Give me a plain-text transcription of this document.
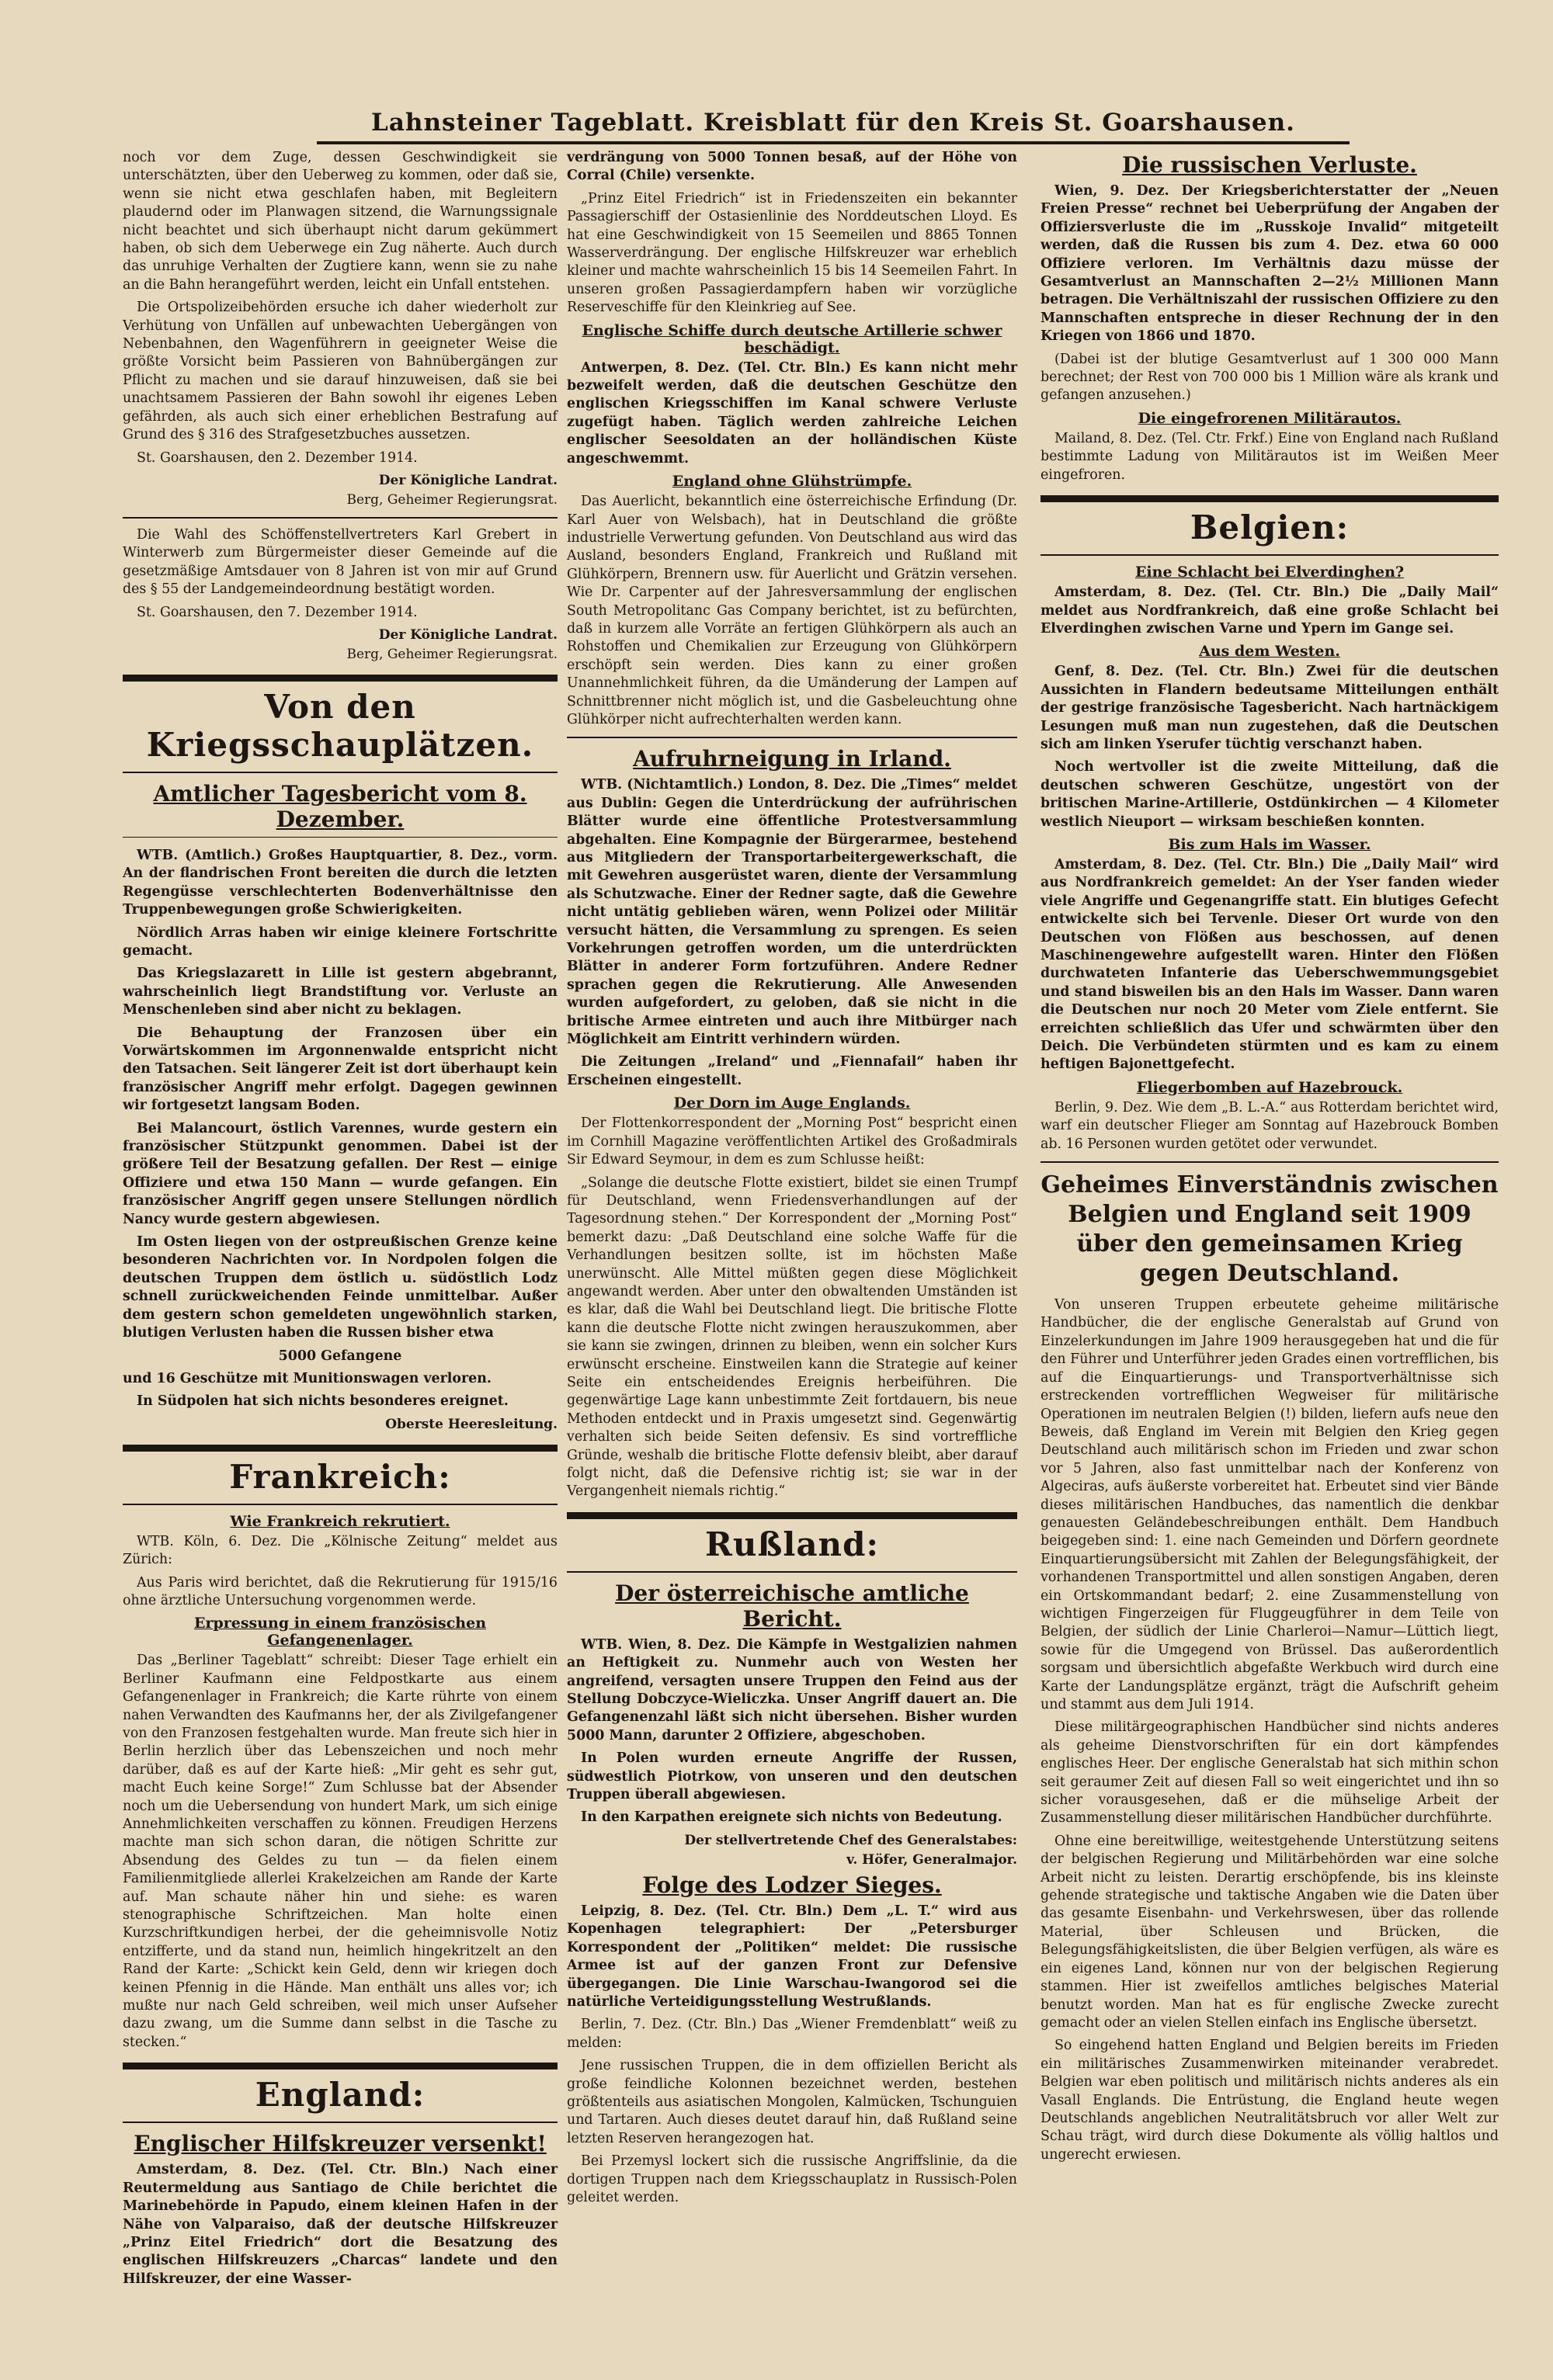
Lahnsteiner Tageblatt. Kreisblatt für den Kreis St. Goarshausen.

noch vor dem Zuge, dessen Geschwindigkeit sie unterschätzten, über den Ueberweg zu kommen, oder daß sie, wenn sie nicht etwa geschlafen haben, mit Begleitern plaudernd oder im Planwagen sitzend, die Warnungssignale nicht beachtet und sich überhaupt nicht darum gekümmert haben, ob sich dem Ueberwege ein Zug näherte. Auch durch das unruhige Verhalten der Zugtiere kann, wenn sie zu nahe an die Bahn herangeführt werden, leicht ein Unfall entstehen.

Die Ortspolizeibehörden ersuche ich daher wiederholt zur Verhütung von Unfällen auf unbewachten Uebergängen von Nebenbahnen, den Wagenführern in geeigneter Weise die größte Vorsicht beim Passieren von Bahnübergängen zur Pflicht zu machen und sie darauf hinzuweisen, daß sie bei unachtsamem Passieren der Bahn sowohl ihr eigenes Leben gefährden, als auch sich einer erheblichen Bestrafung auf Grund des § 316 des Strafgesetzbuches aussetzen.

St. Goarshausen, den 2. Dezember 1914.

Der Königliche Landrat.
Berg, Geheimer Regierungsrat.

Die Wahl des Schöffenstellvertreters Karl Grebert in Winterwerb zum Bürgermeister dieser Gemeinde auf die gesetzmäßige Amtsdauer von 8 Jahren ist von mir auf Grund des § 55 der Landgemeindeordnung bestätigt worden.

St. Goarshausen, den 7. Dezember 1914.

Der Königliche Landrat.
Berg, Geheimer Regierungsrat.
Von den Kriegsschauplätzen.
Amtlicher Tagesbericht vom 8. Dezember.

WTB. (Amtlich.) Großes Hauptquartier, 8. Dez., vorm. An der flandrischen Front bereiten die durch die letzten Regengüsse verschlechterten Bodenverhältnisse den Truppenbewegungen große Schwierigkeiten.

Nördlich Arras haben wir einige kleinere Fortschritte gemacht.

Das Kriegslazarett in Lille ist gestern abgebrannt, wahrscheinlich liegt Brandstiftung vor. Verluste an Menschenleben sind aber nicht zu beklagen.

Die Behauptung der Franzosen über ein Vorwärtskommen im Argonnenwalde entspricht nicht den Tatsachen. Seit längerer Zeit ist dort überhaupt kein französischer Angriff mehr erfolgt. Dagegen gewinnen wir fortgesetzt langsam Boden.

Bei Malancourt, östlich Varennes, wurde gestern ein französischer Stützpunkt genommen. Dabei ist der größere Teil der Besatzung gefallen. Der Rest — einige Offiziere und etwa 150 Mann — wurde gefangen. Ein französischer Angriff gegen unsere Stellungen nördlich Nancy wurde gestern abgewiesen.

Im Osten liegen von der ostpreußischen Grenze keine besonderen Nachrichten vor. In Nordpolen folgen die deutschen Truppen dem östlich u. südöstlich Lodz schnell zurückweichenden Feinde unmittelbar. Außer dem gestern schon gemeldeten ungewöhnlich starken, blutigen Verlusten haben die Russen bisher etwa

5000 Gefangene

und 16 Geschütze mit Munitionswagen verloren.

In Südpolen hat sich nichts besonderes ereignet.

Oberste Heeresleitung.
Frankreich:
Wie Frankreich rekrutiert.

WTB. Köln, 6. Dez. Die „Kölnische Zeitung“ meldet aus Zürich:

Aus Paris wird berichtet, daß die Rekrutierung für 1915/16 ohne ärztliche Untersuchung vorgenommen werde.

Erpressung in einem französischen Gefangenenlager.

Das „Berliner Tageblatt“ schreibt: Dieser Tage erhielt ein Berliner Kaufmann eine Feldpostkarte aus einem Gefangenenlager in Frankreich; die Karte rührte von einem nahen Verwandten des Kaufmanns her, der als Zivilgefangener von den Franzosen festgehalten wurde. Man freute sich hier in Berlin herzlich über das Lebenszeichen und noch mehr darüber, daß es auf der Karte hieß: „Mir geht es sehr gut, macht Euch keine Sorge!“ Zum Schlusse bat der Absender noch um die Uebersendung von hundert Mark, um sich einige Annehmlichkeiten verschaffen zu können. Freudigen Herzens machte man sich schon daran, die nötigen Schritte zur Absendung des Geldes zu tun — da fielen einem Familienmitgliede allerlei Krakelzeichen am Rande der Karte auf. Man schaute näher hin und siehe: es waren stenographische Schriftzeichen. Man holte einen Kurzschriftkundigen herbei, der die geheimnisvolle Notiz entzifferte, und da stand nun, heimlich hingekritzelt an den Rand der Karte: „Schickt kein Geld, denn wir kriegen doch keinen Pfennig in die Hände. Man enthält uns alles vor; ich mußte nur nach Geld schreiben, weil mich unser Aufseher dazu zwang, um die Summe dann selbst in die Tasche zu stecken.“

England:
Englischer Hilfskreuzer versenkt!

Amsterdam, 8. Dez. (Tel. Ctr. Bln.) Nach einer Reutermeldung aus Santiago de Chile berichtet die Marinebehörde in Papudo, einem kleinen Hafen in der Nähe von Valparaiso, daß der deutsche Hilfskreuzer „Prinz Eitel Friedrich“ dort die Besatzung des englischen Hilfskreuzers „Charcas“ landete und den Hilfskreuzer, der eine Wasser-

verdrängung von 5000 Tonnen besaß, auf der Höhe von Corral (Chile) versenkte.

„Prinz Eitel Friedrich“ ist in Friedenszeiten ein bekannter Passagierschiff der Ostasienlinie des Norddeutschen Lloyd. Es hat eine Geschwindigkeit von 15 Seemeilen und 8865 Tonnen Wasserverdrängung. Der englische Hilfskreuzer war erheblich kleiner und machte wahrscheinlich 15 bis 14 Seemeilen Fahrt. In unseren großen Passagierdampfern haben wir vorzügliche Reserveschiffe für den Kleinkrieg auf See.

Englische Schiffe durch deutsche Artillerie schwer beschädigt.

Antwerpen, 8. Dez. (Tel. Ctr. Bln.) Es kann nicht mehr bezweifelt werden, daß die deutschen Geschütze den englischen Kriegsschiffen im Kanal schwere Verluste zugefügt haben. Täglich werden zahlreiche Leichen englischer Seesoldaten an der holländischen Küste angeschwemmt.

England ohne Glühstrümpfe.

Das Auerlicht, bekanntlich eine österreichische Erfindung (Dr. Karl Auer von Welsbach), hat in Deutschland die größte industrielle Verwertung gefunden. Von Deutschland aus wird das Ausland, besonders England, Frankreich und Rußland mit Glühkörpern, Brennern usw. für Auerlicht und Grätzin versehen. Wie Dr. Carpenter auf der Jahresversammlung der englischen South Metropolitanc Gas Company berichtet, ist zu befürchten, daß in kurzem alle Vorräte an fertigen Glühkörpern als auch an Rohstoffen und Chemikalien zur Erzeugung von Glühkörpern erschöpft sein werden. Dies kann zu einer großen Unannehmlichkeit führen, da die Umänderung der Lampen auf Schnittbrenner nicht möglich ist, und die Gasbeleuchtung ohne Glühkörper nicht aufrechterhalten werden kann.

Aufruhrneigung in Irland.

WTB. (Nichtamtlich.) London, 8. Dez. Die „Times“ meldet aus Dublin: Gegen die Unterdrückung der aufrührischen Blätter wurde eine öffentliche Protestversammlung abgehalten. Eine Kompagnie der Bürgerarmee, bestehend aus Mitgliedern der Transportarbeitergewerkschaft, die mit Gewehren ausgerüstet waren, diente der Versammlung als Schutzwache. Einer der Redner sagte, daß die Gewehre nicht untätig geblieben wären, wenn Polizei oder Militär versucht hätten, die Versammlung zu sprengen. Es seien Vorkehrungen getroffen worden, um die unterdrückten Blätter in anderer Form fortzuführen. Andere Redner sprachen gegen die Rekrutierung. Alle Anwesenden wurden aufgefordert, zu geloben, daß sie nicht in die britische Armee eintreten und auch ihre Mitbürger nach Möglichkeit am Eintritt verhindern würden.

Die Zeitungen „Ireland“ und „Fiennafail“ haben ihr Erscheinen eingestellt.

Der Dorn im Auge Englands.

Der Flottenkorrespondent der „Morning Post“ bespricht einen im Cornhill Magazine veröffentlichten Artikel des Großadmirals Sir Edward Seymour, in dem es zum Schlusse heißt:

„Solange die deutsche Flotte existiert, bildet sie einen Trumpf für Deutschland, wenn Friedensverhandlungen auf der Tagesordnung stehen.“ Der Korrespondent der „Morning Post“ bemerkt dazu: „Daß Deutschland eine solche Waffe für die Verhandlungen besitzen sollte, ist im höchsten Maße unerwünscht. Alle Mittel müßten gegen diese Möglichkeit angewandt werden. Aber unter den obwaltenden Umständen ist es klar, daß die Wahl bei Deutschland liegt. Die britische Flotte kann die deutsche Flotte nicht zwingen herauszukommen, aber sie kann sie zwingen, drinnen zu bleiben, wenn ein solcher Kurs erwünscht erscheine. Einstweilen kann die Strategie auf keiner Seite ein entscheidendes Ereignis herbeiführen. Die gegenwärtige Lage kann unbestimmte Zeit fortdauern, bis neue Methoden entdeckt und in Praxis umgesetzt sind. Gegenwärtig verhalten sich beide Seiten defensiv. Es sind vortreffliche Gründe, weshalb die britische Flotte defensiv bleibt, aber darauf folgt nicht, daß die Defensive richtig ist; sie war in der Vergangenheit niemals richtig.“

Rußland:
Der österreichische amtliche Bericht.

WTB. Wien, 8. Dez. Die Kämpfe in Westgalizien nahmen an Heftigkeit zu. Nunmehr auch von Westen her angreifend, versagten unsere Truppen den Feind aus der Stellung Dobczyce-Wieliczka. Unser Angriff dauert an. Die Gefangenenzahl läßt sich nicht übersehen. Bisher wurden 5000 Mann, darunter 2 Offiziere, abgeschoben.

In Polen wurden erneute Angriffe der Russen, südwestlich Piotrkow, von unseren und den deutschen Truppen überall abgewiesen.

In den Karpathen ereignete sich nichts von Bedeutung.

Der stellvertretende Chef des Generalstabes:
v. Höfer, Generalmajor.
Folge des Lodzer Sieges.

Leipzig, 8. Dez. (Tel. Ctr. Bln.) Dem „L. T.“ wird aus Kopenhagen telegraphiert: Der „Petersburger Korrespondent der „Politiken“ meldet: Die russische Armee ist auf der ganzen Front zur Defensive übergegangen. Die Linie Warschau-Iwangorod sei die natürliche Verteidigungsstellung Westrußlands.

Berlin, 7. Dez. (Ctr. Bln.) Das „Wiener Fremdenblatt“ weiß zu melden:

Jene russischen Truppen, die in dem offiziellen Bericht als große feindliche Kolonnen bezeichnet werden, bestehen größtenteils aus asiatischen Mongolen, Kalmücken, Tschunguien und Tartaren. Auch dieses deutet darauf hin, daß Rußland seine letzten Reserven herangezogen hat.

Bei Przemysl lockert sich die russische Angriffslinie, da die dortigen Truppen nach dem Kriegsschauplatz in Russisch-Polen geleitet werden.

Die russischen Verluste.

Wien, 9. Dez. Der Kriegsberichterstatter der „Neuen Freien Presse“ rechnet bei Ueberprüfung der Angaben der Offiziersverluste die im „Russkoje Invalid“ mitgeteilt werden, daß die Russen bis zum 4. Dez. etwa 60 000 Offiziere verloren. Im Verhältnis dazu müsse der Gesamtverlust an Mannschaften 2—2½ Millionen Mann betragen. Die Verhältniszahl der russischen Offiziere zu den Mannschaften entspreche in dieser Rechnung der in den Kriegen von 1866 und 1870.

(Dabei ist der blutige Gesamtverlust auf 1 300 000 Mann berechnet; der Rest von 700 000 bis 1 Million wäre als krank und gefangen anzusehen.)

Die eingefrorenen Militärautos.

Mailand, 8. Dez. (Tel. Ctr. Frkf.) Eine von England nach Rußland bestimmte Ladung von Militärautos ist im Weißen Meer eingefroren.

Belgien:
Eine Schlacht bei Elverdinghen?

Amsterdam, 8. Dez. (Tel. Ctr. Bln.) Die „Daily Mail“ meldet aus Nordfrankreich, daß eine große Schlacht bei Elverdinghen zwischen Varne und Ypern im Gange sei.

Aus dem Westen.

Genf, 8. Dez. (Tel. Ctr. Bln.) Zwei für die deutschen Aussichten in Flandern bedeutsame Mitteilungen enthält der gestrige französische Tagesbericht. Nach hartnäckigem Lesungen muß man nun zugestehen, daß die Deutschen sich am linken Yserufer tüchtig verschanzt haben.

Noch wertvoller ist die zweite Mitteilung, daß die deutschen schweren Geschütze, ungestört von der britischen Marine-Artillerie, Ostdünkirchen — 4 Kilometer westlich Nieuport — wirksam beschießen konnten.

Bis zum Hals im Wasser.

Amsterdam, 8. Dez. (Tel. Ctr. Bln.) Die „Daily Mail“ wird aus Nordfrankreich gemeldet: An der Yser fanden wieder viele Angriffe und Gegenangriffe statt. Ein blutiges Gefecht entwickelte sich bei Tervenle. Dieser Ort wurde von den Deutschen von Flößen aus beschossen, auf denen Maschinengewehre aufgestellt waren. Hinter den Flößen durchwateten Infanterie das Ueberschwemmungsgebiet und stand bisweilen bis an den Hals im Wasser. Dann waren die Deutschen nur noch 20 Meter vom Ziele entfernt. Sie erreichten schließlich das Ufer und schwärmten über den Deich. Die Verbündeten stürmten und es kam zu einem heftigen Bajonettgefecht.

Fliegerbomben auf Hazebrouck.

Berlin, 9. Dez. Wie dem „B. L.-A.“ aus Rotterdam berichtet wird, warf ein deutscher Flieger am Sonntag auf Hazebrouck Bomben ab. 16 Personen wurden getötet oder verwundet.

Geheimes Einverständnis zwischen Belgien und England seit 1909 über den gemeinsamen Krieg gegen Deutschland.

Von unseren Truppen erbeutete geheime militärische Handbücher, die der englische Generalstab auf Grund von Einzelerkundungen im Jahre 1909 herausgegeben hat und die für den Führer und Unterführer jeden Grades einen vortrefflichen, bis auf die Einquartierungs- und Transportverhältnisse sich erstreckenden vortrefflichen Wegweiser für militärische Operationen im neutralen Belgien (!) bilden, liefern aufs neue den Beweis, daß England im Verein mit Belgien den Krieg gegen Deutschland auch militärisch schon im Frieden und zwar schon vor 5 Jahren, also fast unmittelbar nach der Konferenz von Algeciras, aufs äußerste vorbereitet hat. Erbeutet sind vier Bände dieses militärischen Handbuches, das namentlich die denkbar genauesten Geländebeschreibungen enthält. Dem Handbuch beigegeben sind: 1. eine nach Gemeinden und Dörfern geordnete Einquartierungsübersicht mit Zahlen der Belegungsfähigkeit, der vorhandenen Transportmittel und allen sonstigen Angaben, deren ein Ortskommandant bedarf; 2. eine Zusammenstellung von wichtigen Fingerzeigen für Fluggeugführer in dem Teile von Belgien, der südlich der Linie Charleroi—Namur—Lüttich liegt, sowie für die Umgegend von Brüssel. Das außerordentlich sorgsam und übersichtlich abgefaßte Werkbuch wird durch eine Karte der Landungsplätze ergänzt, trägt die Aufschrift geheim und stammt aus dem Juli 1914.

Diese militärgeographischen Handbücher sind nichts anderes als geheime Dienstvorschriften für ein dort kämpfendes englisches Heer. Der englische Generalstab hat sich mithin schon seit geraumer Zeit auf diesen Fall so weit eingerichtet und ihn so sicher vorausgesehen, daß er die mühselige Arbeit der Zusammenstellung dieser militärischen Handbücher durchführte.

Ohne eine bereitwillige, weitestgehende Unterstützung seitens der belgischen Regierung und Militärbehörden war eine solche Arbeit nicht zu leisten. Derartig erschöpfende, bis ins kleinste gehende strategische und taktische Angaben wie die Daten über das gesamte Eisenbahn- und Verkehrswesen, über das rollende Material, über Schleusen und Brücken, die Belegungsfähigkeitslisten, die über Belgien verfügen, als wäre es ein eigenes Land, können nur von der belgischen Regierung stammen. Hier ist zweifellos amtliches belgisches Material benutzt worden. Man hat es für englische Zwecke zurecht gemacht oder an vielen Stellen einfach ins Englische übersetzt.

So eingehend hatten England und Belgien bereits im Frieden ein militärisches Zusammenwirken miteinander verabredet. Belgien war eben politisch und militärisch nichts anderes als ein Vasall Englands. Die Entrüstung, die England heute wegen Deutschlands angeblichen Neutralitätsbruch vor aller Welt zur Schau trägt, wird durch diese Dokumente als völlig haltlos und ungerecht erwiesen.
